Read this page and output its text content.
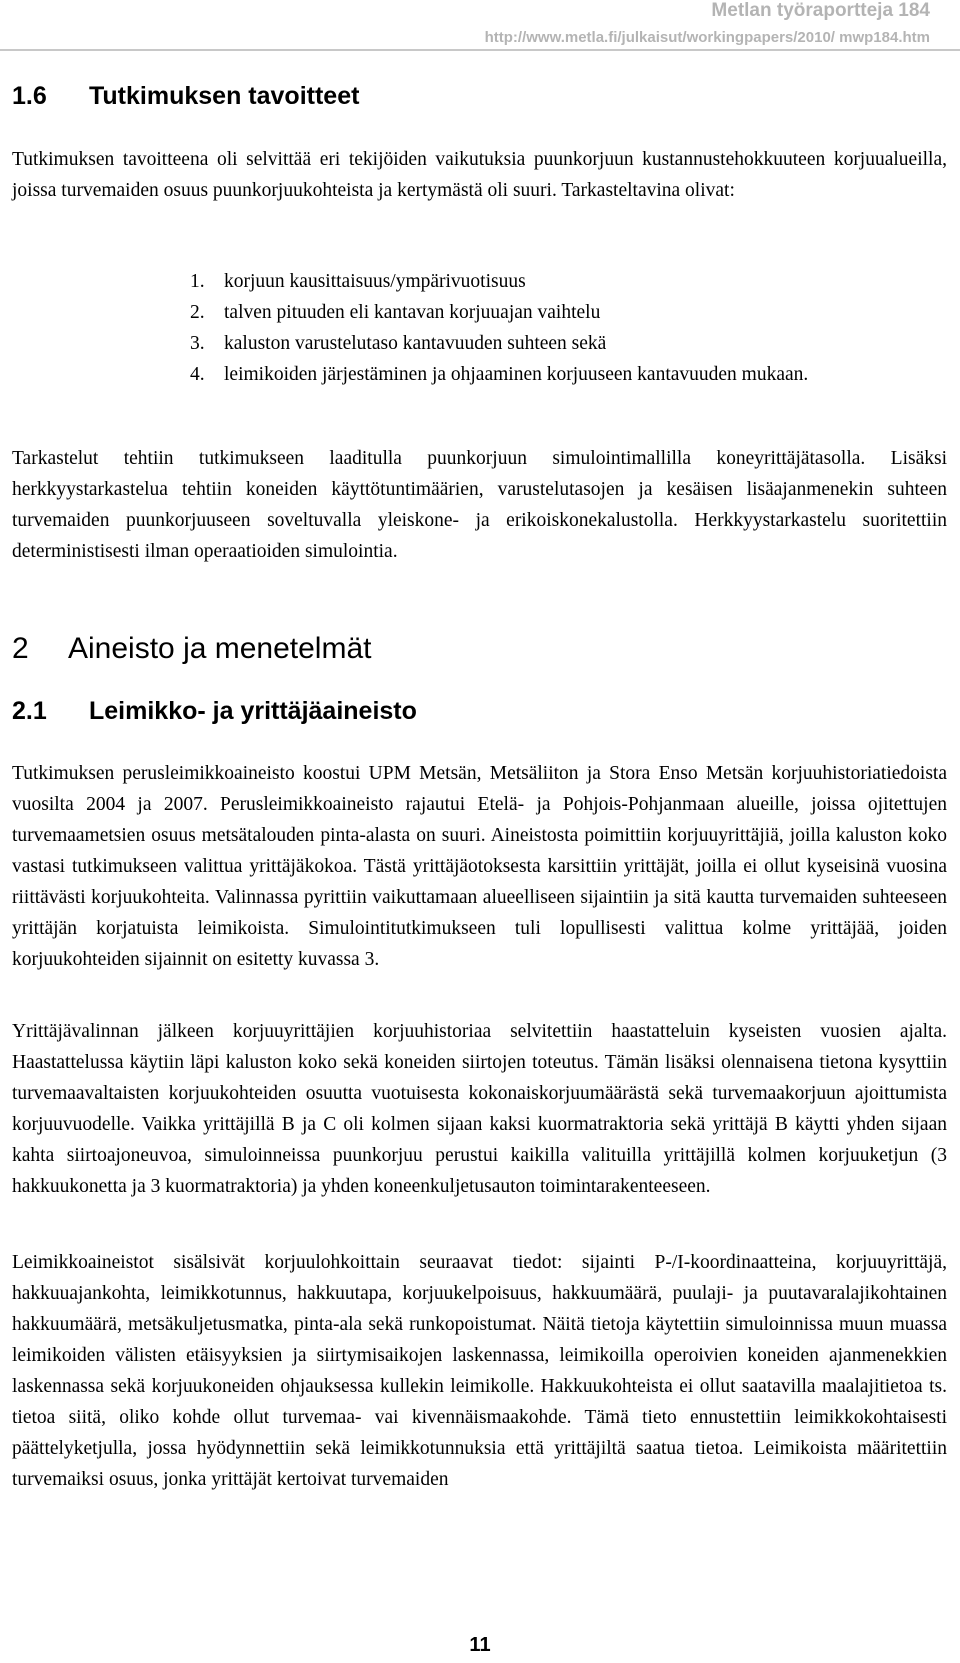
Metlan työraportteja 184
http://www.metla.fi/julkaisut/workingpapers/2010/ mwp184.htm
1.6 Tutkimuksen tavoitteet
Tutkimuksen tavoitteena oli selvittää eri tekijöiden vaikutuksia puunkorjuun kustannustehokkuuteen korjuualueilla, joissa turvemaiden osuus puunkorjuukohteista ja kertymästä oli suuri. Tarkasteltavina olivat:
1. korjuun kausittaisuus/ympärivuotisuus
2. talven pituuden eli kantavan korjuuajan vaihtelu
3. kaluston varustelutaso kantavuuden suhteen sekä
4. leimikoiden järjestäminen ja ohjaaminen korjuuseen kantavuuden mukaan.
Tarkastelut tehtiin tutkimukseen laaditulla puunkorjuun simulointimallilla koneyrittäjätasolla. Lisäksi herkkyystarkastelua tehtiin koneiden käyttötuntimäärien, varustelutasojen ja kesäisen lisäajanmenekin suhteen turvemaiden puunkorjuuseen soveltuvalla yleiskone- ja erikoiskonekalustolla. Herkkyystarkastelu suoritettiin deterministisesti ilman operaatioiden simulointia.
2 Aineisto ja menetelmät
2.1 Leimikko- ja yrittäjäaineisto
Tutkimuksen perusleimikkoaineisto koostui UPM Metsän, Metsäliiton ja Stora Enso Metsän korjuuhistoriatiedoista vuosilta 2004 ja 2007. Perusleimikkoaineisto rajautui Etelä- ja Pohjois-Pohjanmaan alueille, joissa ojitettujen turvemaametsien osuus metsätalouden pinta-alasta on suuri. Aineistosta poimittiin korjuuyrittäjiä, joilla kaluston koko vastasi tutkimukseen valittua yrittäjäkokoa. Tästä yrittäjäotoksesta karsittiin yrittäjät, joilla ei ollut kyseisinä vuosina riittävästi korjuukohteita. Valinnassa pyrittiin vaikuttamaan alueelliseen sijaintiin ja sitä kautta turvemaiden suhteeseen yrittäjän korjatuista leimikoista. Simulointitutkimukseen tuli lopullisesti valittua kolme yrittäjää, joiden korjuukohteiden sijainnit on esitetty kuvassa 3.
Yrittäjävalinnan jälkeen korjuuyrittäjien korjuuhistoriaa selvitettiin haastatteluin kyseisten vuosien ajalta. Haastattelussa käytiin läpi kaluston koko sekä koneiden siirtojen toteutus. Tämän lisäksi olennaisena tietona kysyttiin turvemaavaltaisten korjuukohteiden osuutta vuotuisesta kokonaiskorjuumäärästä sekä turvemaakorjuun ajoittumista korjuuvuodelle. Vaikka yrittäjillä B ja C oli kolmen sijaan kaksi kuormatraktoria sekä yrittäjä B käytti yhden sijaan kahta siirtoajoneuvoa, simuloinneissa puunkorjuu perustui kaikilla valituilla yrittäjillä kolmen korjuuketjun (3 hakkuukonetta ja 3 kuormatraktoria) ja yhden koneenkuljetusauton toimintarakenteeseen.
Leimikkoaineistot sisälsivät korjuulohkoittain seuraavat tiedot: sijainti P-/I-koordinaatteina, korjuuyrittäjä, hakkuuajankohta, leimikkotunnus, hakkuutapa, korjuukelpoisuus, hakkuumäärä, puulaji- ja puutavaralajikohtainen hakkuumäärä, metsäkuljetusmatka, pinta-ala sekä runkopoistumat. Näitä tietoja käytettiin simuloinnissa muun muassa leimikoiden välisten etäisyyksien ja siirtymisaikojen laskennassa, leimikoilla operoivien koneiden ajanmenekkien laskennassa sekä korjuukoneiden ohjauksessa kullekin leimikolle. Hakkuukohteista ei ollut saatavilla maalajitietoa ts. tietoa siitä, oliko kohde ollut turvemaa- vai kivennäismaakohde. Tämä tieto ennustettiin leimikkokohtaisesti päättelyketjulla, jossa hyödynnettiin sekä leimikkotunnuksia että yrittäjiltä saatua tietoa. Leimikoista määritettiin turvemaiksi osuus, jonka yrittäjät kertoivat turvemaiden
11
